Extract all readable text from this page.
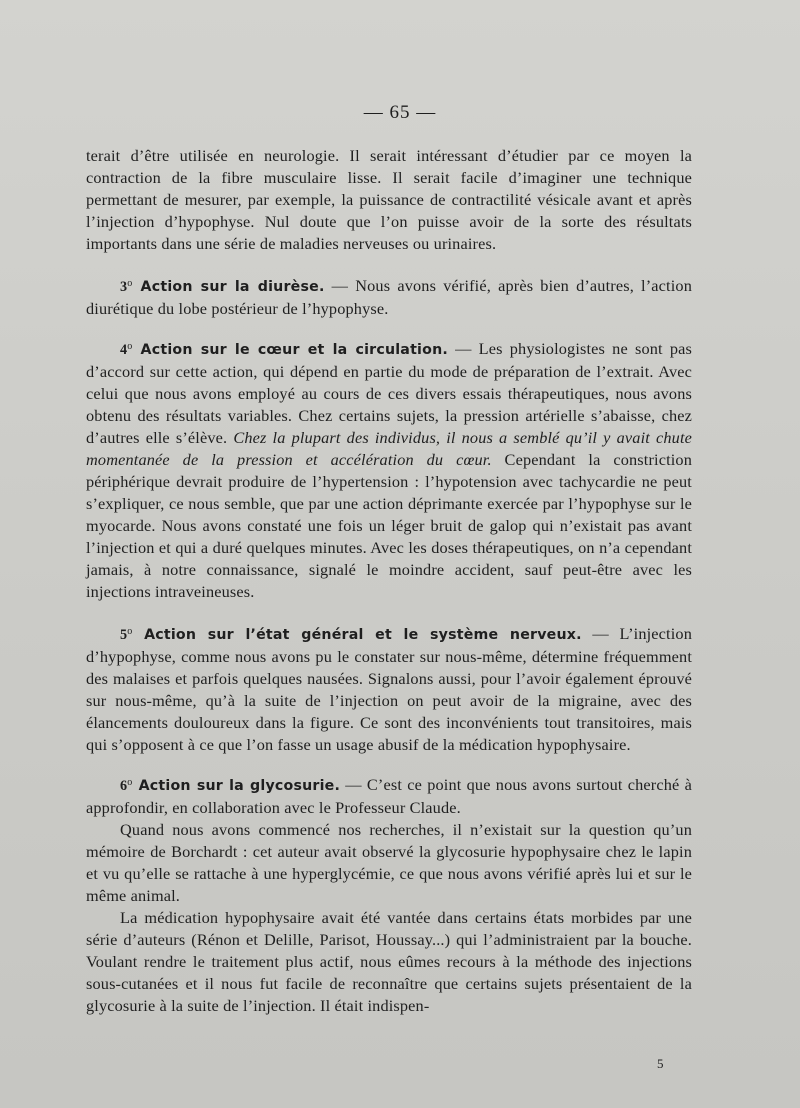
— 65 —

terait d’être utilisée en neurologie. Il serait intéressant d’étudier par ce moyen la contraction de la fibre musculaire lisse. Il serait facile d’imaginer une technique permettant de mesurer, par exemple, la puissance de contractilité vésicale avant et après l’injection d’hypophyse. Nul doute que l’on puisse avoir de la sorte des résultats importants dans une série de maladies nerveuses ou urinaires.

3$^o$ Action sur la diurèse. — Nous avons vérifié, après bien d’autres, l’action diurétique du lobe postérieur de l’hypophyse.

4$^o$ Action sur le cœur et la circulation. — Les physiologistes ne sont pas d’accord sur cette action, qui dépend en partie du mode de préparation de l’extrait. Avec celui que nous avons employé au cours de ces divers essais thérapeutiques, nous avons obtenu des résultats variables. Chez certains sujets, la pression artérielle s’abaisse, chez d’autres elle s’élève. Chez la plupart des individus, il nous a semblé qu’il y avait chute momentanée de la pression et accélération du cœur. Cependant la constriction périphérique devrait produire de l’hypertension : l’hypotension avec tachycardie ne peut s’expliquer, ce nous semble, que par une action déprimante exercée par l’hypophyse sur le myocarde. Nous avons constaté une fois un léger bruit de galop qui n’existait pas avant l’injection et qui a duré quelques minutes. Avec les doses thérapeutiques, on n’a cependant jamais, à notre connaissance, signalé le moindre accident, sauf peut-être avec les injections intraveineuses.

5$^o$ Action sur l’état général et le système nerveux. — L’injection d’hypophyse, comme nous avons pu le constater sur nous-même, détermine fréquemment des malaises et parfois quelques nausées. Signalons aussi, pour l’avoir également éprouvé sur nous-même, qu’à la suite de l’injection on peut avoir de la migraine, avec des élancements douloureux dans la figure. Ce sont des inconvénients tout transitoires, mais qui s’opposent à ce que l’on fasse un usage abusif de la médication hypophysaire.

6$^o$ Action sur la glycosurie. — C’est ce point que nous avons surtout cherché à approfondir, en collaboration avec le Professeur Claude.

Quand nous avons commencé nos recherches, il n’existait sur la question qu’un mémoire de Borchardt : cet auteur avait observé la glycosurie hypophysaire chez le lapin et vu qu’elle se rattache à une hyperglycémie, ce que nous avons vérifié après lui et sur le même animal.

La médication hypophysaire avait été vantée dans certains états morbides par une série d’auteurs (Rénon et Delille, Parisot, Houssay...) qui l’administraient par la bouche. Voulant rendre le traitement plus actif, nous eûmes recours à la méthode des injections sous-cutanées et il nous fut facile de reconnaître que certains sujets présentaient de la glycosurie à la suite de l’injection. Il était indispen-

5
